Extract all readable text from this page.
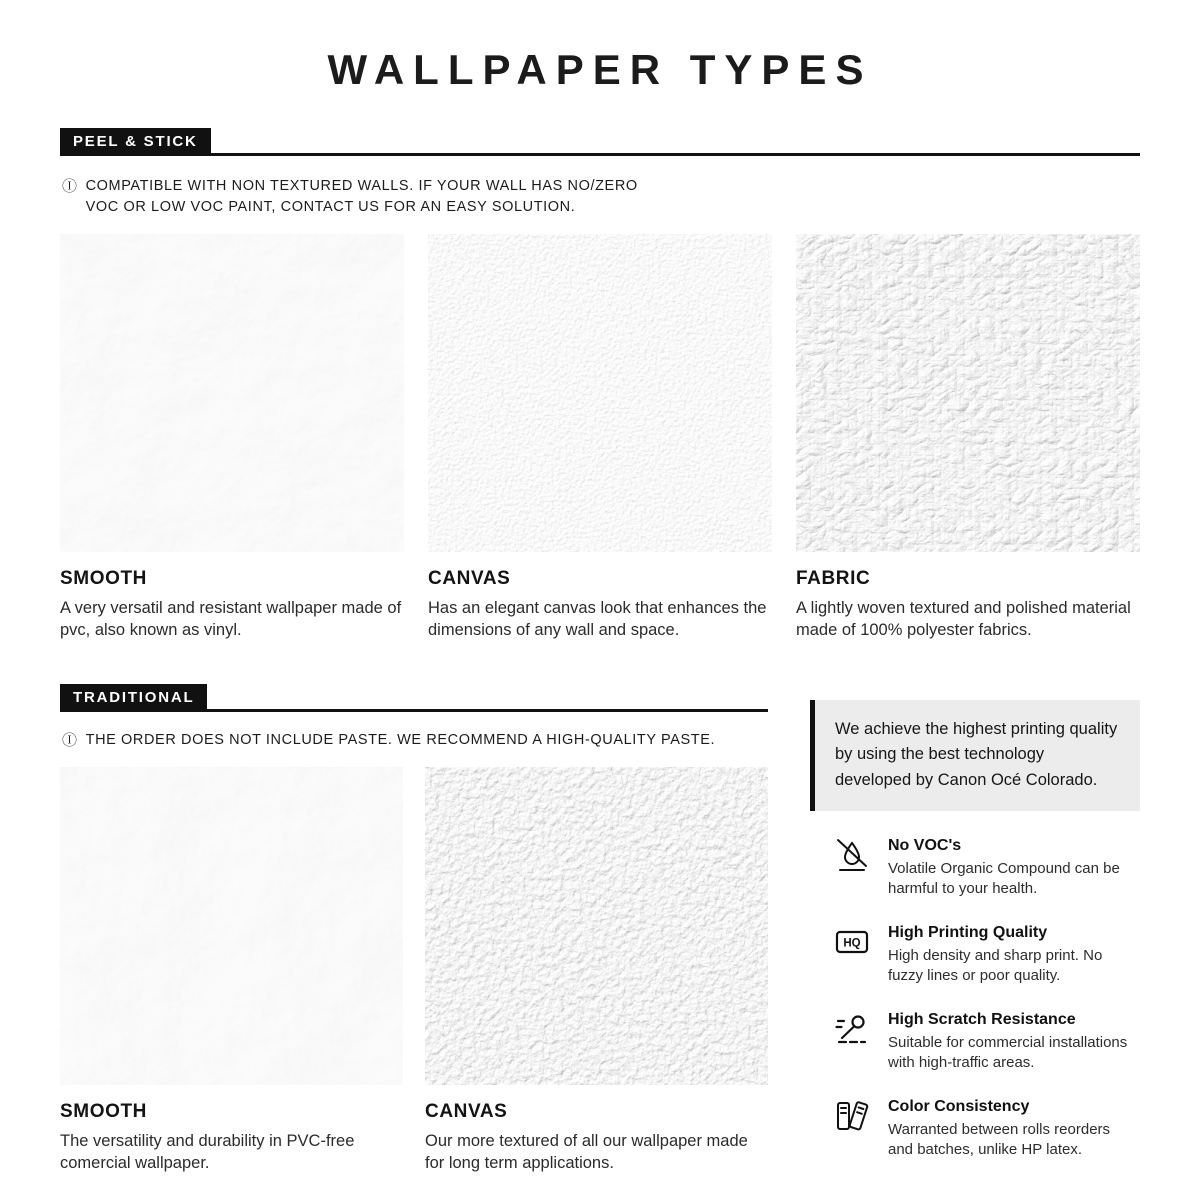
WALLPAPER TYPES
PEEL & STICK
Ⓘ COMPATIBLE WITH NON TEXTURED WALLS. IF YOUR WALL HAS NO/ZERO VOC OR LOW VOC PAINT, CONTACT US FOR AN EASY SOLUTION.
SMOOTH
A very versatil and resistant wallpaper made of pvc, also known as vinyl.
CANVAS
Has an elegant canvas look that enhances the dimensions of any wall and space.
FABRIC
A lightly woven textured and polished material made of 100% polyester fabrics.
TRADITIONAL
Ⓘ THE ORDER DOES NOT INCLUDE PASTE. WE RECOMMEND A HIGH-QUALITY PASTE.
SMOOTH
The versatility and durability in PVC-free comercial wallpaper.
CANVAS
Our more textured of all our wallpaper made for long term applications.
We achieve the highest printing quality by using the best technology developed by Canon Océ Colorado.
No VOC's
Volatile Organic Compound can be harmful to your health.
HQ
High Printing Quality
High density and sharp print. No fuzzy lines or poor quality.
High Scratch Resistance
Suitable for commercial installations with high-traffic areas.
Color Consistency
Warranted between rolls reorders and batches, unlike HP latex.
